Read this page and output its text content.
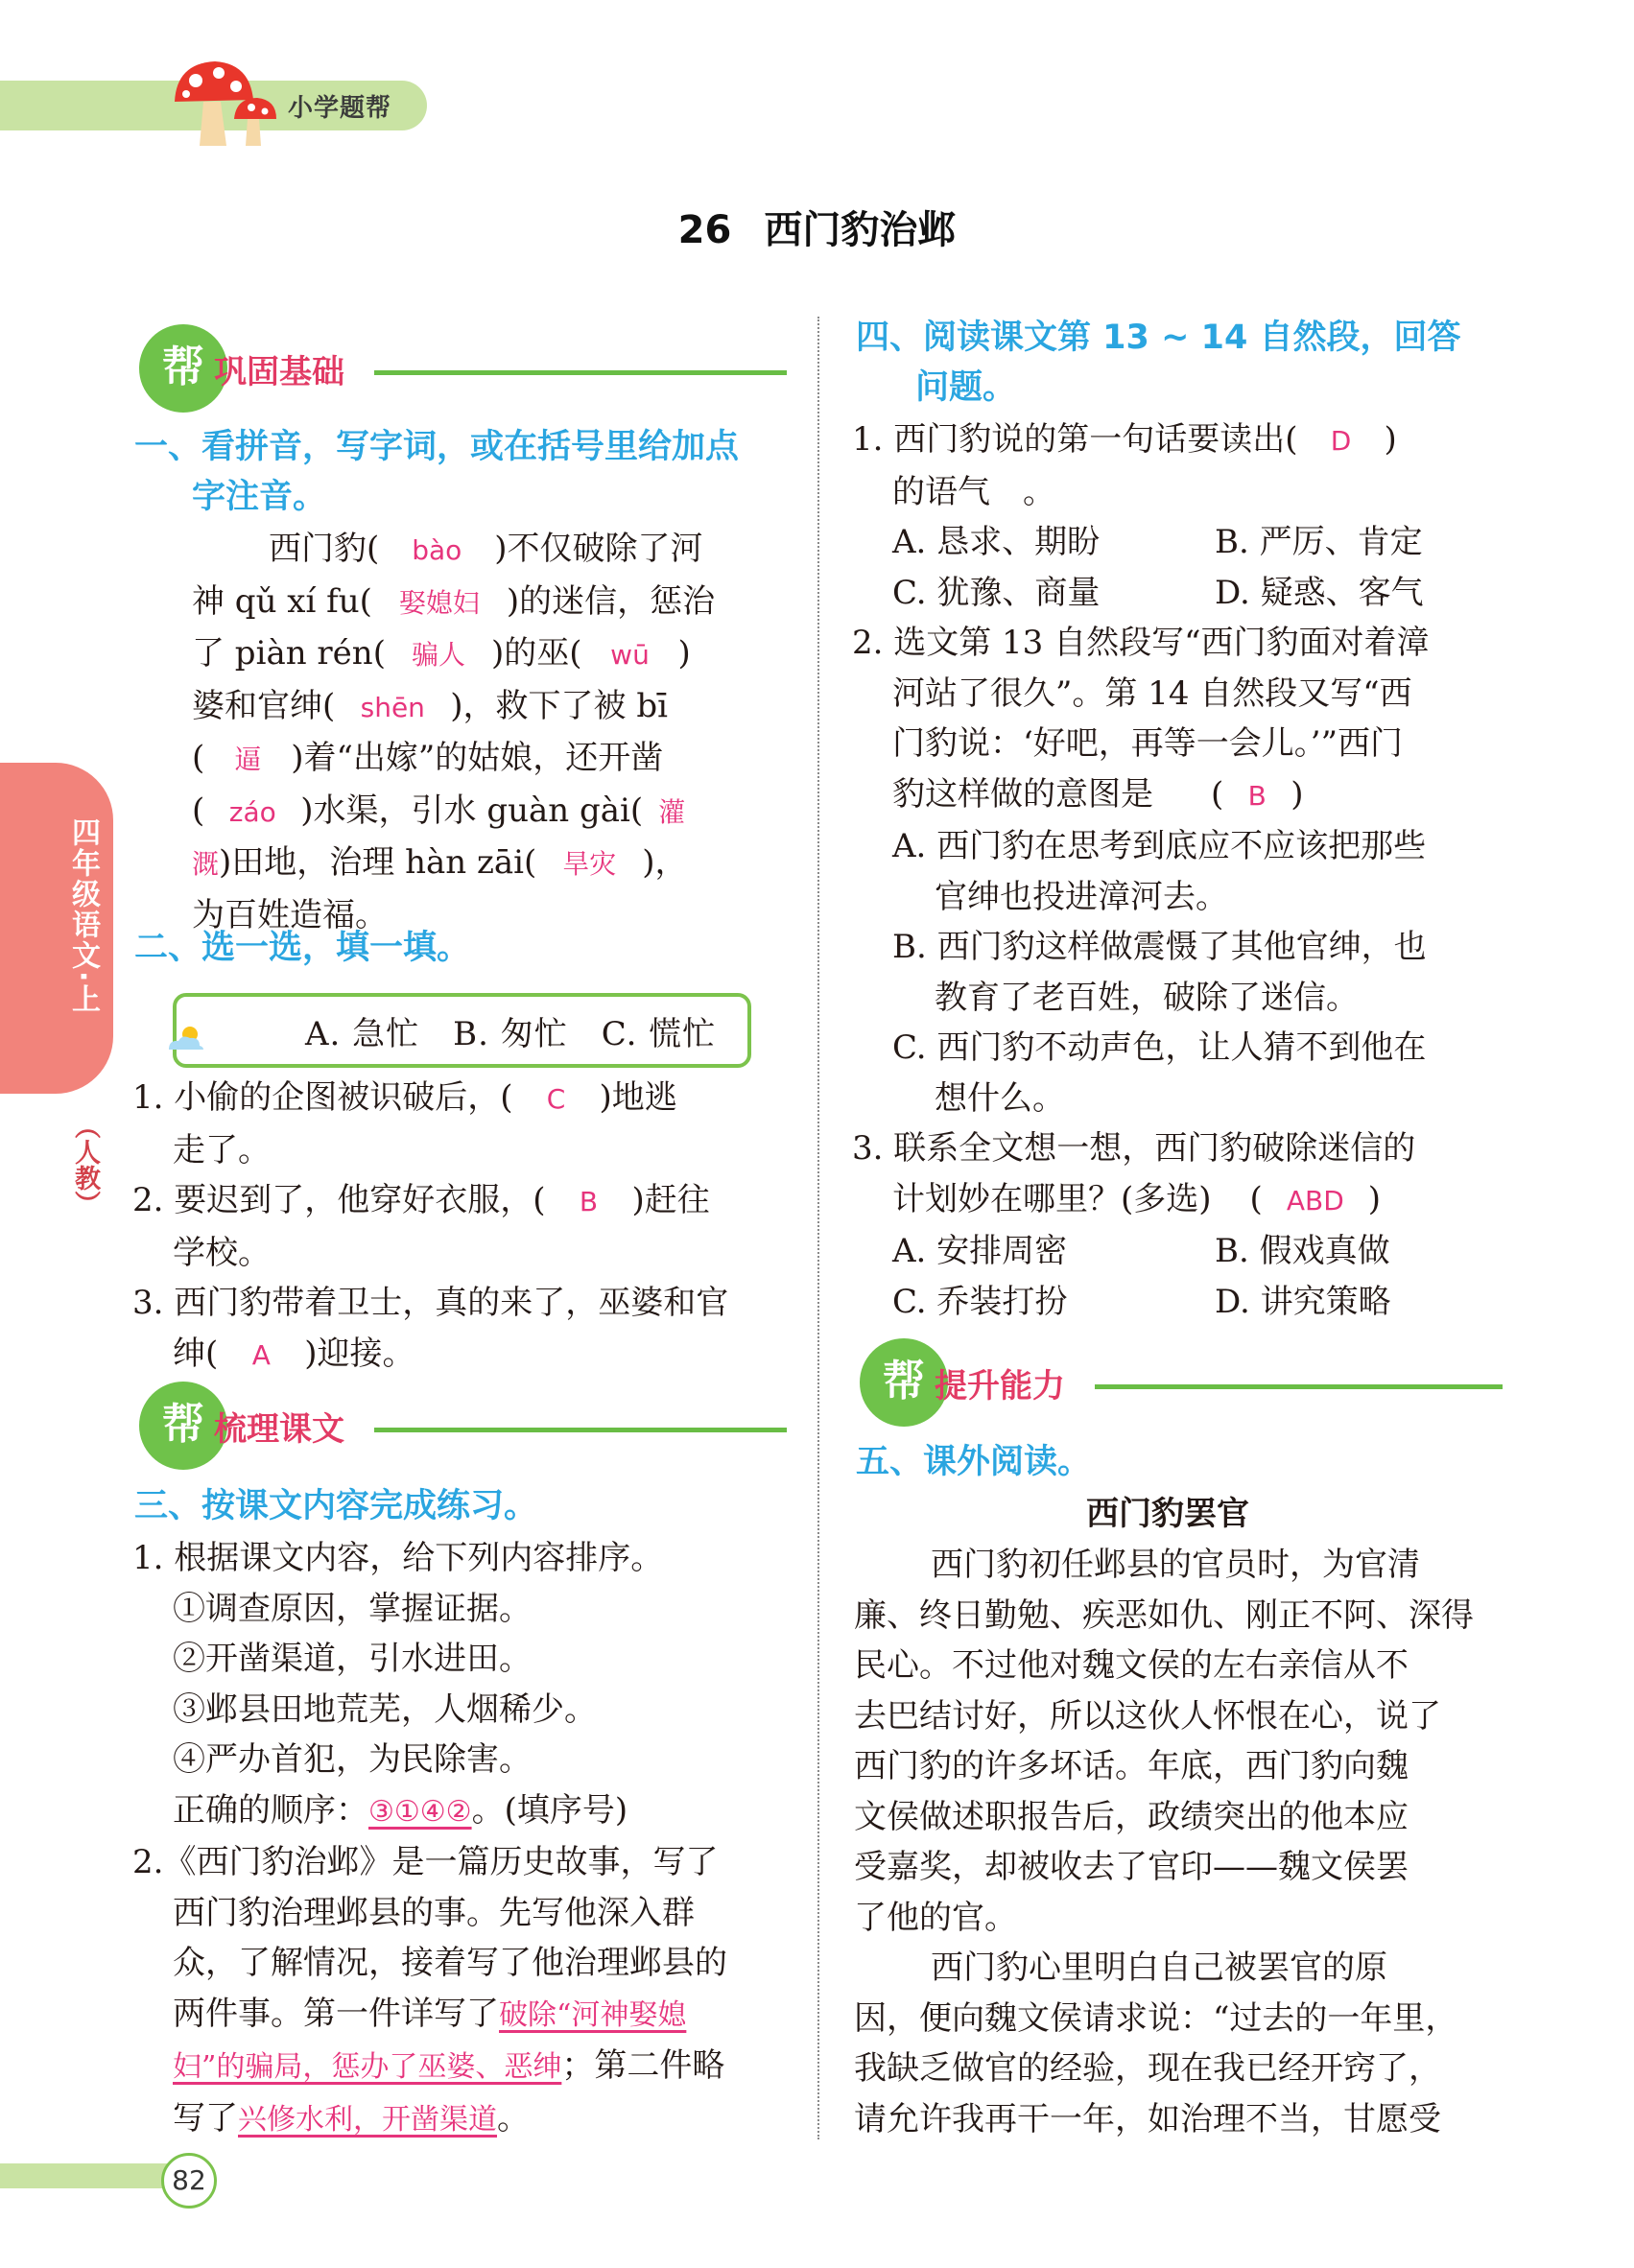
小学题帮
26 西门豹治邺
四年级语文·上
（人教）
帮 巩固基础
一、看拼音，写字词，或在括号里给加点
字注音。
西门豹( bào )不仅破除了河
神 qǔ xí fu( 娶媳妇 )的迷信，惩治
了 piàn rén( 骗人 )的巫( wū )
婆和官绅( shēn )，救下了被 bī
( 逼 )着“出嫁”的姑娘，还开凿
( záo )水渠，引水 guàn gài( 灌
溉)田地，治理 hàn zāi( 旱灾 )，
为百姓造福。
二、选一选，填一填。
A. 急忙　B. 匆忙　C. 慌忙
1. 小偷的企图被识破后，( C )地逃
走了。
2. 要迟到了，他穿好衣服，( B )赶往
学校。
3. 西门豹带着卫士，真的来了，巫婆和官
绅( A )迎接。
帮 梳理课文
三、按课文内容完成练习。
1. 根据课文内容，给下列内容排序。
①调查原因，掌握证据。
②开凿渠道，引水进田。
③邺县田地荒芜，人烟稀少。
④严办首犯，为民除害。
正确的顺序：③①④②。(填序号)
2.《西门豹治邺》是一篇历史故事，写了
西门豹治理邺县的事。先写他深入群
众，了解情况，接着写了他治理邺县的
两件事。第一件详写了破除“河神娶媳
妇”的骗局，惩办了巫婆、恶绅；第二件略
写了兴修水利，开凿渠道。
四、阅读课文第 13 ~ 14 自然段，回答
问题。
1. 西门豹说的第一句话要读出( D )
的语气　。
A. 恳求、期盼	B. 严厉、肯定
C. 犹豫、商量	D. 疑惑、客气
2. 选文第 13 自然段写“西门豹面对着漳
河站了很久”。第 14 自然段又写“西
门豹说：‘好吧，再等一会儿。’”西门
豹这样做的意图是 ( B )
A. 西门豹在思考到底应不应该把那些
官绅也投进漳河去。
B. 西门豹这样做震慑了其他官绅，也
教育了老百姓，破除了迷信。
C. 西门豹不动声色，让人猜不到他在
想什么。
3. 联系全文想一想，西门豹破除迷信的
计划妙在哪里？(多选) ( ABD )
A. 安排周密	B. 假戏真做
C. 乔装打扮	D. 讲究策略
帮 提升能力
五、课外阅读。
西门豹罢官
西门豹初任邺县的官员时，为官清
廉、终日勤勉、疾恶如仇、刚正不阿、深得
民心。不过他对魏文侯的左右亲信从不
去巴结讨好，所以这伙人怀恨在心，说了
西门豹的许多坏话。年底，西门豹向魏
文侯做述职报告后，政绩突出的他本应
受嘉奖，却被收去了官印——魏文侯罢
了他的官。
西门豹心里明白自己被罢官的原
因，便向魏文侯请求说：“过去的一年里，
我缺乏做官的经验，现在我已经开窍了，
请允许我再干一年，如治理不当，甘愿受
82
